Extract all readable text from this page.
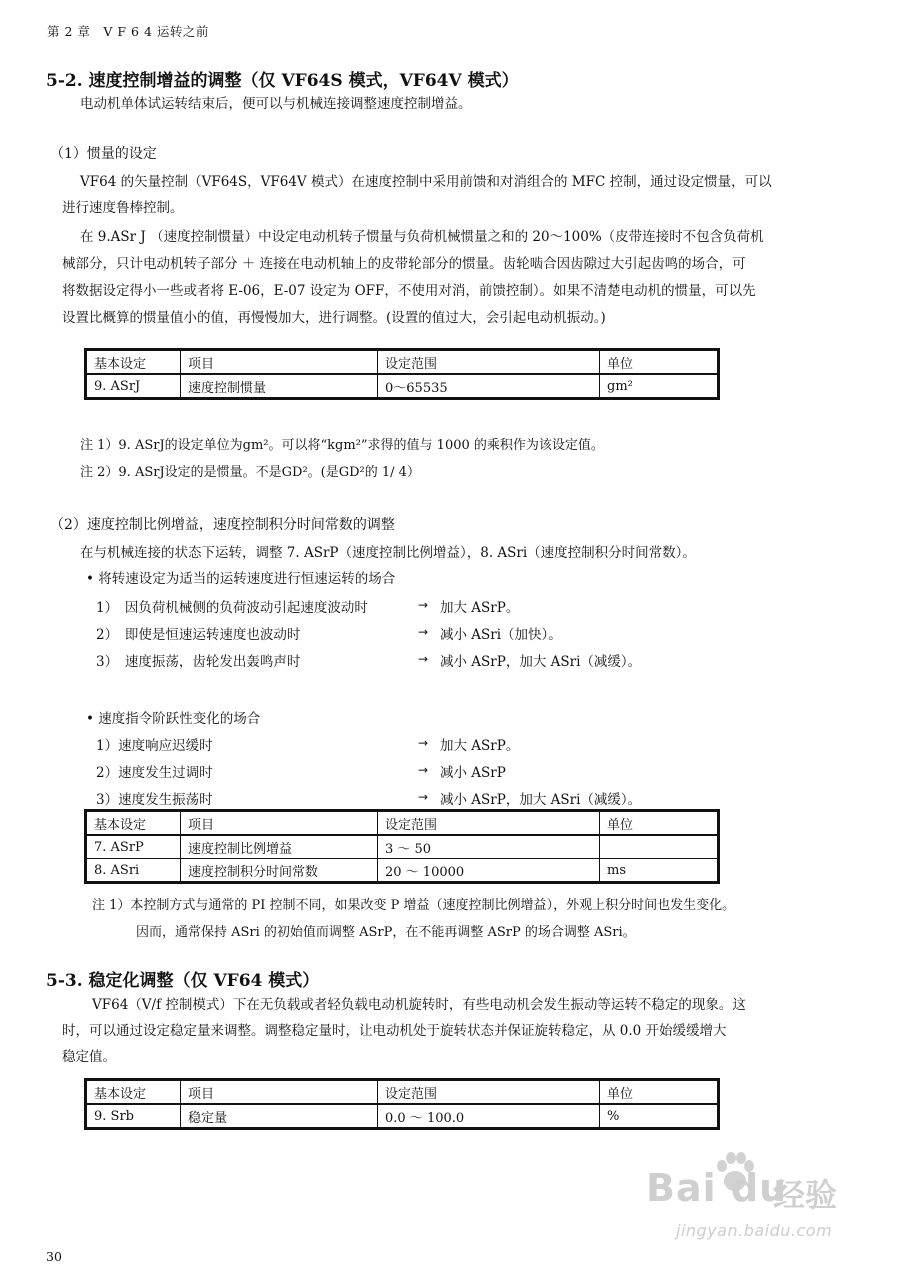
第 2 章　V F 6 4 运转之前
5-2. 速度控制增益的调整（仅 VF64S 模式，VF64V 模式）
电动机单体试运转结束后，便可以与机械连接调整速度控制增益。
（1）惯量的设定
VF64 的矢量控制（VF64S，VF64V 模式）在速度控制中采用前馈和对消组合的 MFC 控制，通过设定惯量，可以
进行速度鲁棒控制。
在 9.ASr J （速度控制惯量）中设定电动机转子惯量与负荷机械惯量之和的 20～100%（皮带连接时不包含负荷机
械部分，只计电动机转子部分 ＋ 连接在电动机轴上的皮带轮部分的惯量。齿轮啮合因齿隙过大引起齿鸣的场合，可
将数据设定得小一些或者将 E-06，E-07 设定为 OFF，不使用对消，前馈控制）。如果不清楚电动机的惯量，可以先
设置比概算的惯量值小的值，再慢慢加大，进行调整。(设置的值过大，会引起电动机振动。)
基本设定	项目	设定范围	单位
9. ASrJ	速度控制惯量	0～65535	gm²
注 1）9. ASrJ的设定单位为gm²。可以将“kgm²”求得的值与 1000 的乘积作为该设定值。
注 2）9. ASrJ设定的是惯量。不是GD²。(是GD²的 1/ 4）
（2）速度控制比例增益，速度控制积分时间常数的调整
在与机械连接的状态下运转，调整 7. ASrP（速度控制比例增益），8. ASri（速度控制积分时间常数）。
• 将转速设定为适当的运转速度进行恒速运转的场合
1）　因负荷机械侧的负荷波动引起速度波动时	→ 加大 ASrP。
2）　即使是恒速运转速度也波动时	→ 减小 ASri（加快）。
3）　速度振荡，齿轮发出轰鸣声时	→ 减小 ASrP，加大 ASri（减缓）。
• 速度指令阶跃性变化的场合
1）速度响应迟缓时	→ 加大 ASrP。
2）速度发生过调时	→ 减小 ASrP
3）速度发生振荡时	→ 减小 ASrP，加大 ASri（减缓）。
基本设定	项目	设定范围	单位
7. ASrP	速度控制比例增益	3 ～ 50	
8. ASri	速度控制积分时间常数	20 ～ 10000	ms
注 1）本控制方式与通常的 PI 控制不同，如果改变 P 增益（速度控制比例增益），外观上积分时间也发生变化。
因而，通常保持 ASri 的初始值而调整 ASrP，在不能再调整 ASrP 的场合调整 ASri。
5-3. 稳定化调整（仅 VF64 模式）
VF64（V/f 控制模式）下在无负载或者轻负载电动机旋转时，有些电动机会发生振动等运转不稳定的现象。这
时，可以通过设定稳定量来调整。调整稳定量时，让电动机处于旋转状态并保证旋转稳定，从 0.0 开始缓缓增大
稳定值。
基本设定	项目	设定范围	单位
9. Srb	稳定量	0.0 ～ 100.0	%
Bai du
经验
jingyan.baidu.com
30
